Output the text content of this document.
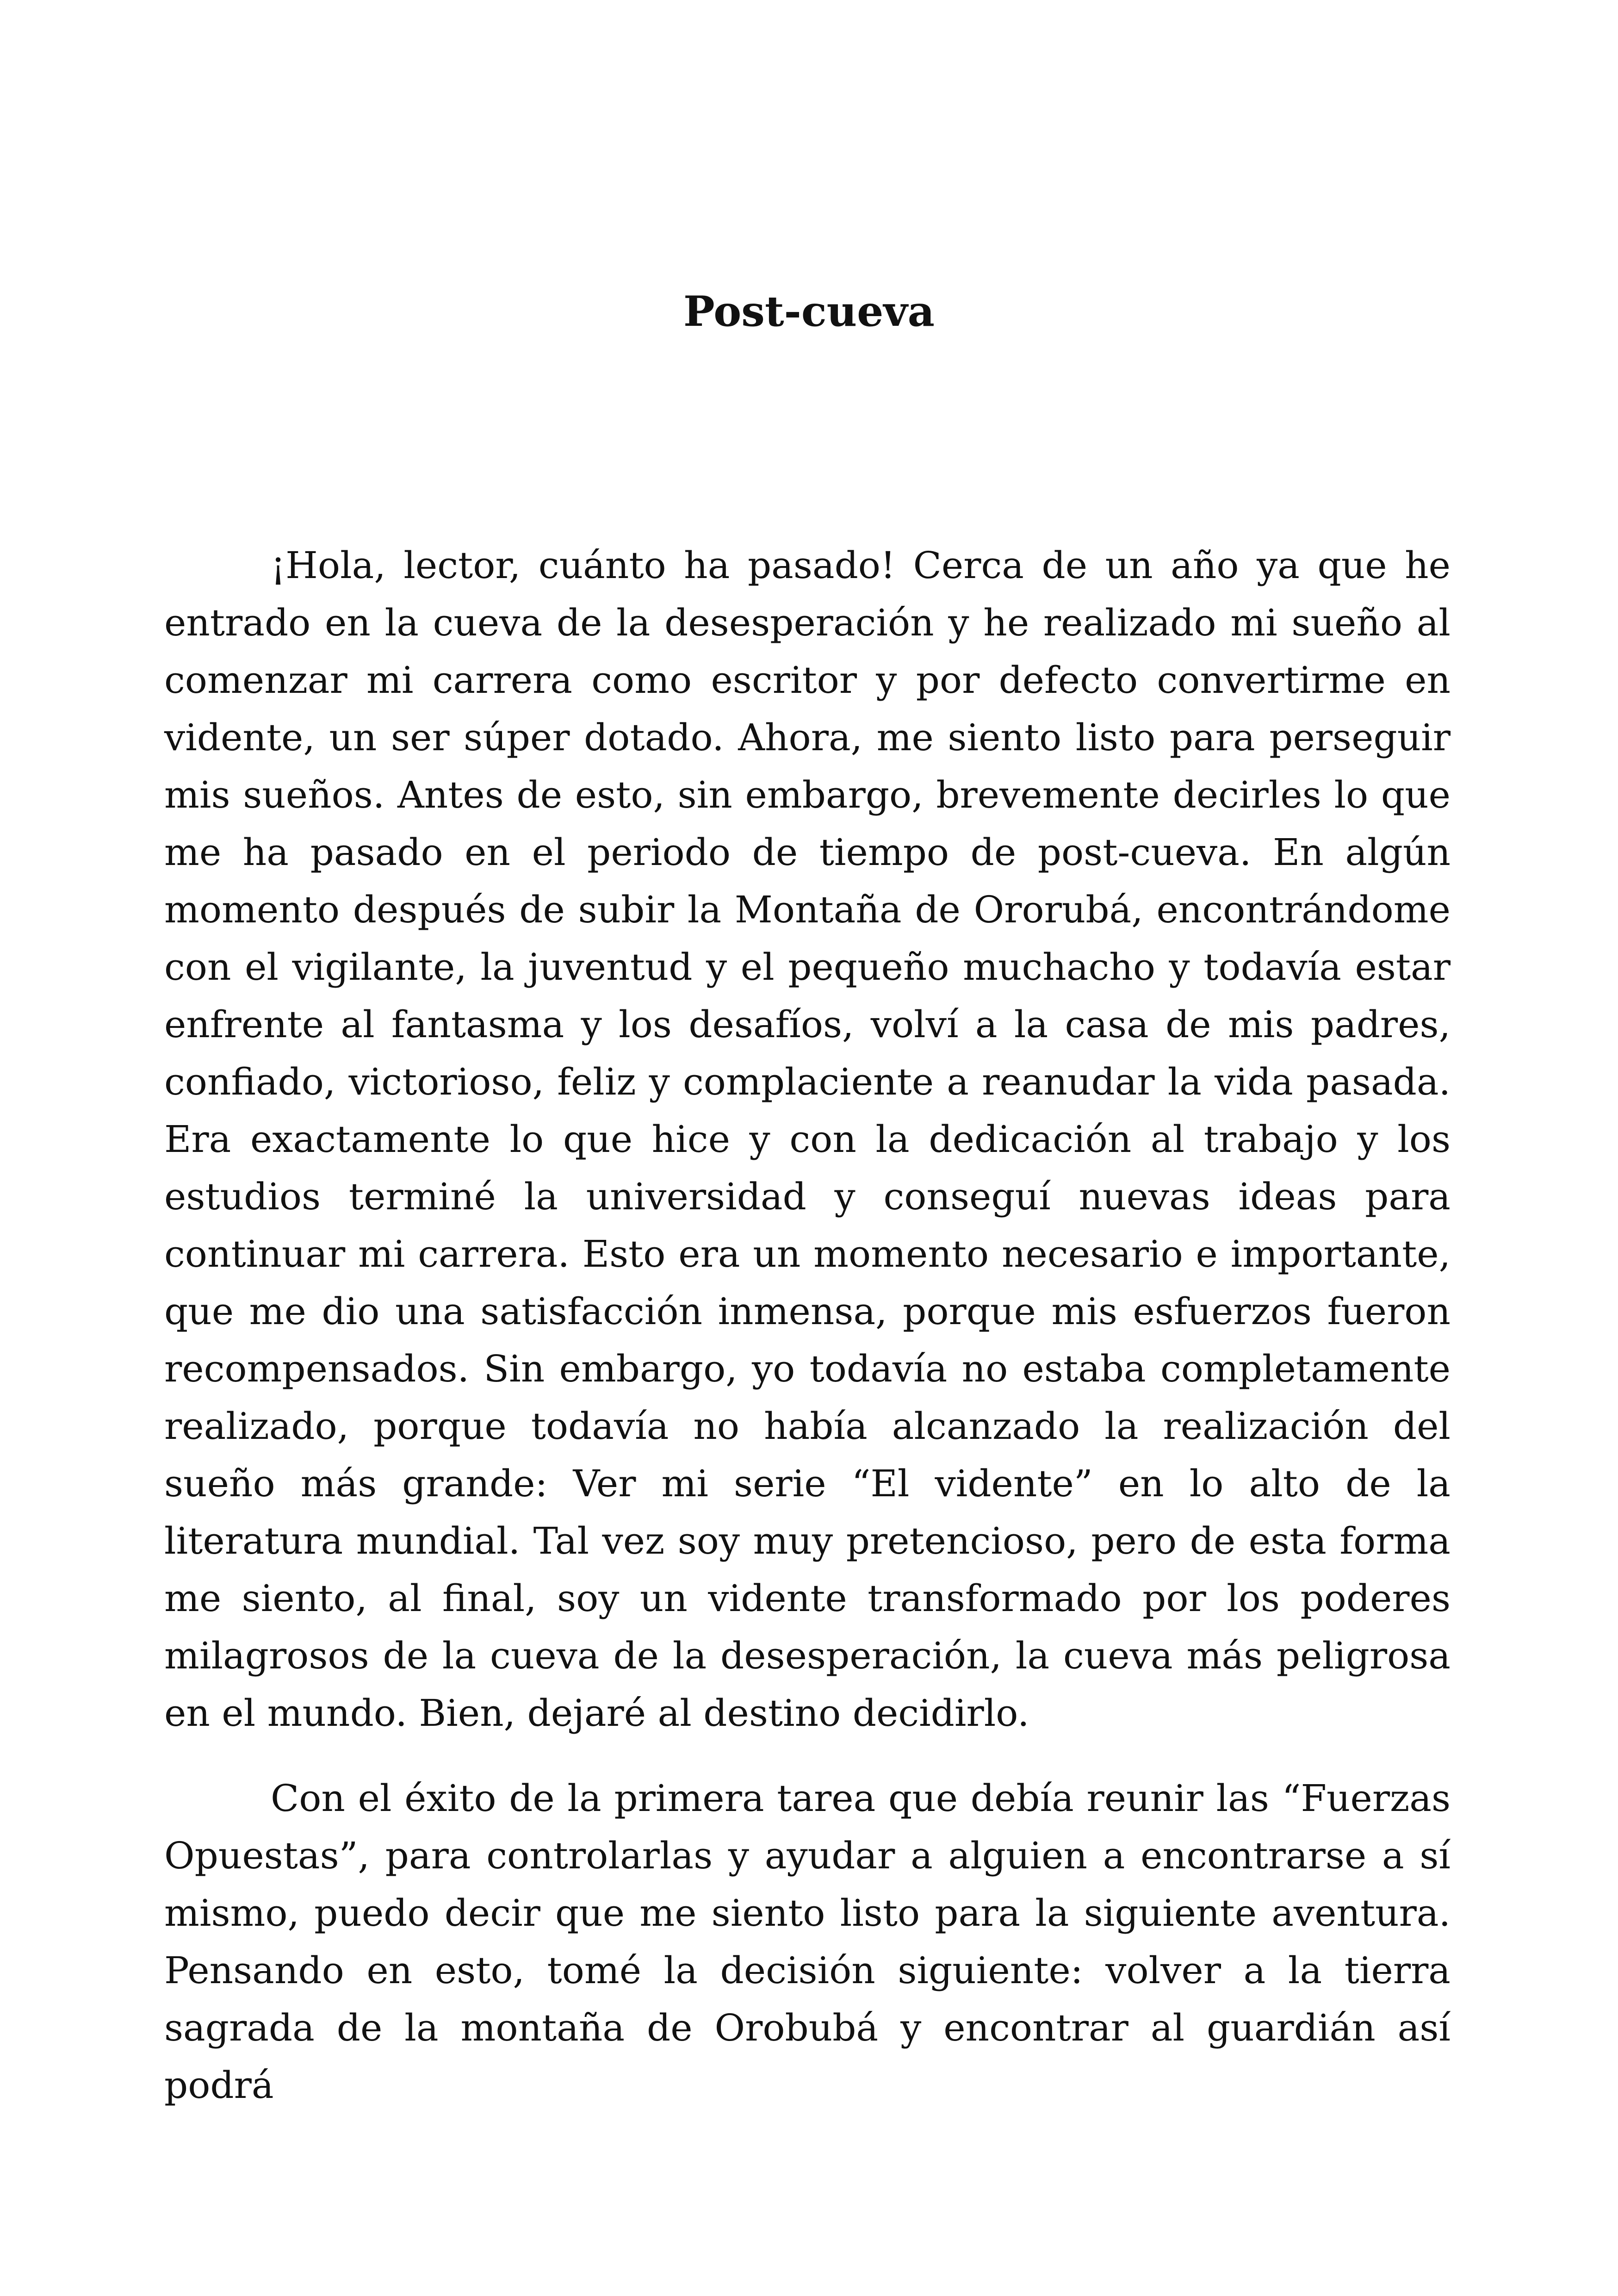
Post-cueva

¡Hola, lector, cuánto ha pasado! Cerca de un año ya que he entrado en la cueva de la desesperación y he realizado mi sueño al comenzar mi carrera como escritor y por defecto convertirme en vidente, un ser súper dotado. Ahora, me siento listo para perseguir mis sueños. Antes de esto, sin embargo, brevemente decirles lo que me ha pasado en el periodo de tiempo de post-cueva. En algún momento después de subir la Montaña de Ororubá, encontrándome con el vigilante, la juventud y el pequeño muchacho y todavía estar enfrente al fantasma y los desafíos, volví a la casa de mis padres, confiado, victorioso, feliz y complaciente a reanudar la vida pasada. Era exactamente lo que hice y con la dedicación al trabajo y los estudios terminé la universidad y conseguí nuevas ideas para continuar mi carrera. Esto era un momento necesario e importante, que me dio una satisfacción inmensa, porque mis esfuerzos fueron recompensados. Sin embargo, yo todavía no estaba completamente realizado, porque todavía no había alcanzado la realización del sueño más grande: Ver mi serie “El vidente” en lo alto de la literatura mundial. Tal vez soy muy pretencioso, pero de esta forma me siento, al final, soy un vidente transformado por los poderes milagrosos de la cueva de la desesperación, la cueva más peligrosa en el mundo. Bien, dejaré al destino decidirlo.

Con el éxito de la primera tarea que debía reunir las “Fuerzas Opuestas”, para controlarlas y ayudar a alguien a encontrarse a sí mismo, puedo decir que me siento listo para la siguiente aventura. Pensando en esto, tomé la decisión siguiente: volver a la tierra sagrada de la montaña de Orobubá y encontrar al guardián así podrá
